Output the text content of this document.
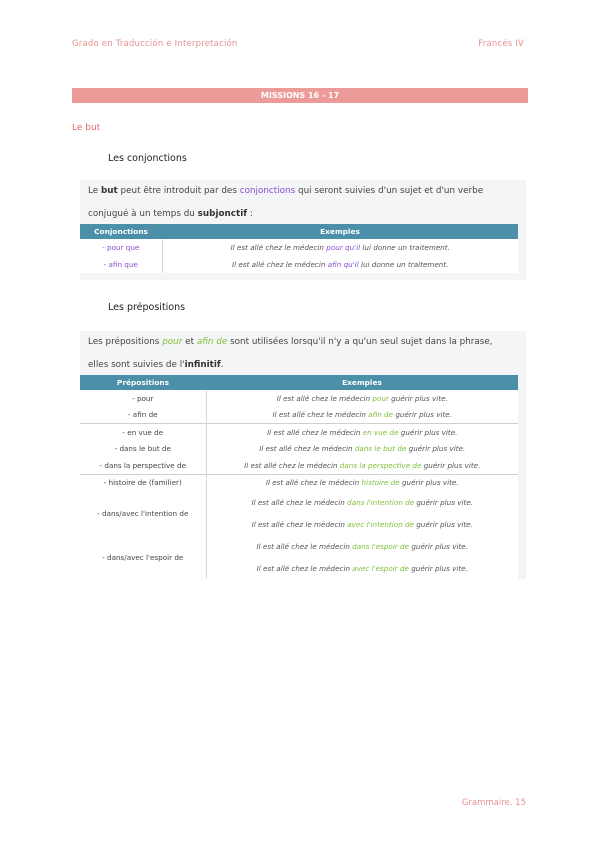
Grado en Traducción e Interpretación	Francés IV
MISSIONS 16 - 17
Le but
Les conjonctions
Le but peut être introduit par des conjonctions qui seront suivies d'un sujet et d'un verbe
conjugué à un temps du subjonctif :
Conjonctions	Exemples
- pour que	Il est allé chez le médecin pour qu'il lui donne un traitement.
- afin que	Il est allé chez le médecin afin qu'il lui donne un traitement.
Les prépositions
Les prépositions pour et afin de sont utilisées lorsqu'il n'y a qu'un seul sujet dans la phrase,
elles sont suivies de l'infinitif.
Prépositions	Exemples
- pour	Il est allé chez le médecin pour guérir plus vite.
- afin de	Il est allé chez le médecin afin de guérir plus vite.
- en vue de	Il est allé chez le médecin en vue de guérir plus vite.
- dans le but de	Il est allé chez le médecin dans le but de guérir plus vite.
- dans la perspective de	Il est allé chez le médecin dans la perspective de guérir plus vite.
- histoire de (familier)	Il est allé chez le médecin histoire de guérir plus vite.
- dans/avec l'intention de	Il est allé chez le médecin dans l'intention de guérir plus vite.
	Il est allé chez le médecin avec l'intention de guérir plus vite.
- dans/avec l'espoir de	Il est allé chez le médecin dans l'espoir de guérir plus vite.
	Il est allé chez le médecin avec l'espoir de guérir plus vite.
Grammaire. 15
